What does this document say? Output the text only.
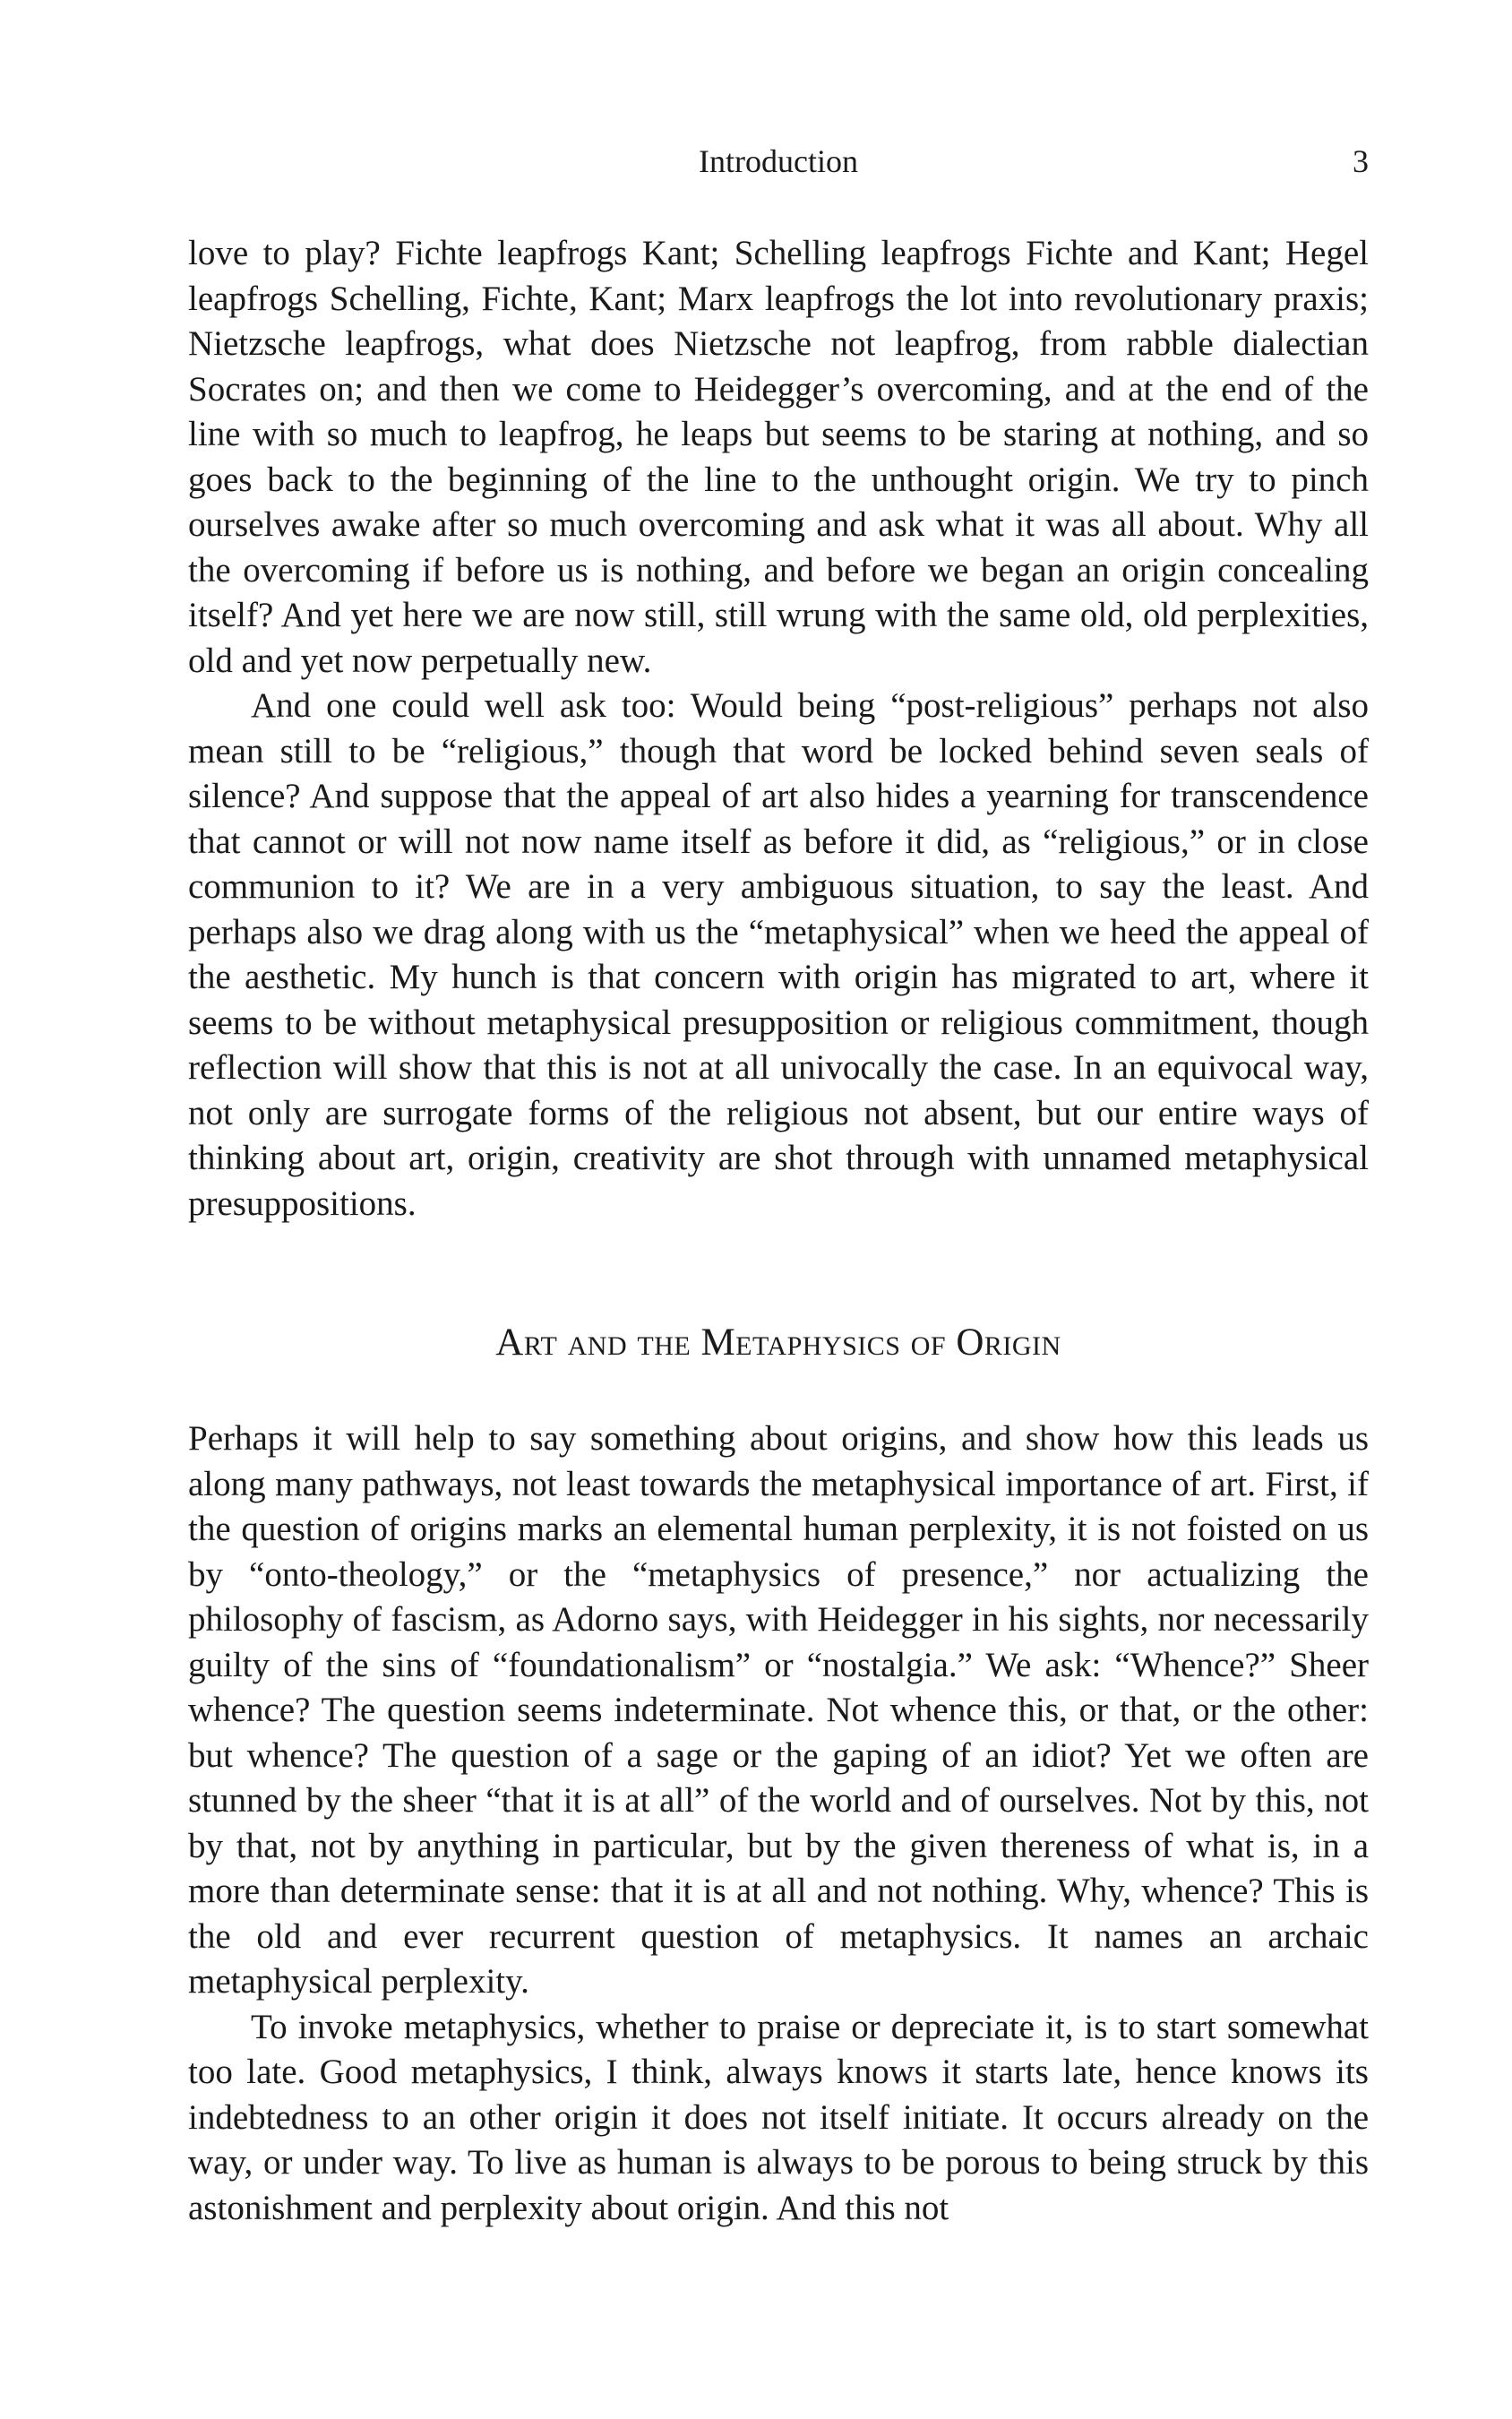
Introduction	3

love to play? Fichte leapfrogs Kant; Schelling leapfrogs Fichte and Kant; Hegel leapfrogs Schelling, Fichte, Kant; Marx leapfrogs the lot into revolutionary praxis; Nietzsche leapfrogs, what does Nietzsche not leapfrog, from rabble dialectian Socrates on; and then we come to Heidegger’s overcoming, and at the end of the line with so much to leapfrog, he leaps but seems to be staring at nothing, and so goes back to the beginning of the line to the unthought origin. We try to pinch ourselves awake after so much overcoming and ask what it was all about. Why all the overcoming if before us is nothing, and before we began an origin concealing itself? And yet here we are now still, still wrung with the same old, old perplexities, old and yet now perpetually new.

And one could well ask too: Would being “post-religious” perhaps not also mean still to be “religious,” though that word be locked behind seven seals of silence? And suppose that the appeal of art also hides a yearning for transcendence that cannot or will not now name itself as before it did, as “religious,” or in close communion to it? We are in a very ambiguous situation, to say the least. And perhaps also we drag along with us the “metaphysical” when we heed the appeal of the aesthetic. My hunch is that concern with origin has migrated to art, where it seems to be without metaphysical presupposition or religious commitment, though reflection will show that this is not at all univocally the case. In an equivocal way, not only are surrogate forms of the religious not absent, but our entire ways of thinking about art, origin, creativity are shot through with unnamed metaphysical presuppositions.

Art and the Metaphysics of Origin

Perhaps it will help to say something about origins, and show how this leads us along many pathways, not least towards the metaphysical importance of art. First, if the question of origins marks an elemental human perplexity, it is not foisted on us by “onto-theology,” or the “metaphysics of presence,” nor actualizing the philosophy of fascism, as Adorno says, with Heidegger in his sights, nor necessarily guilty of the sins of “foundationalism” or “nostalgia.” We ask: “Whence?” Sheer whence? The question seems indeterminate. Not whence this, or that, or the other: but whence? The question of a sage or the gaping of an idiot? Yet we often are stunned by the sheer “that it is at all” of the world and of ourselves. Not by this, not by that, not by anything in particular, but by the given thereness of what is, in a more than determinate sense: that it is at all and not nothing. Why, whence? This is the old and ever recurrent question of metaphysics. It names an archaic metaphysical perplexity.

To invoke metaphysics, whether to praise or depreciate it, is to start somewhat too late. Good metaphysics, I think, always knows it starts late, hence knows its indebtedness to an other origin it does not itself initiate. It occurs already on the way, or under way. To live as human is always to be porous to being struck by this astonishment and perplexity about origin. And this not
